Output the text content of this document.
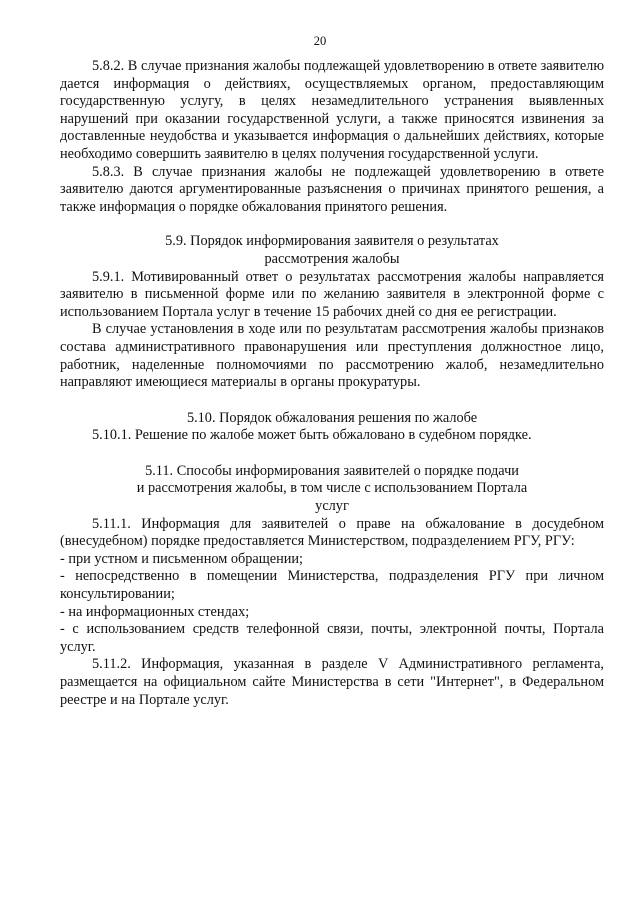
20

5.8.2. В случае признания жалобы подлежащей удовлетворению в ответе заявителю дается информация о действиях, осуществляемых органом, предоставляющим государственную услугу, в целях незамедлительного устранения выявленных нарушений при оказании государственной услуги, а также приносятся извинения за доставленные неудобства и указывается информация о дальнейших действиях, которые необходимо совершить заявителю в целях получения государственной услуги.

5.8.3. В случае признания жалобы не подлежащей удовлетворению в ответе заявителю даются аргументированные разъяснения о причинах принятого решения, а также информация о порядке обжалования принятого решения.

5.9. Порядок информирования заявителя о результатах

рассмотрения жалобы

5.9.1. Мотивированный ответ о результатах рассмотрения жалобы направляется заявителю в письменной форме или по желанию заявителя в электронной форме с использованием Портала услуг в течение 15 рабочих дней со дня ее регистрации.

В случае установления в ходе или по результатам рассмотрения жалобы признаков состава административного правонарушения или преступления должностное лицо, работник, наделенные полномочиями по рассмотрению жалоб, незамедлительно направляют имеющиеся материалы в органы прокуратуры.

5.10. Порядок обжалования решения по жалобе

5.10.1. Решение по жалобе может быть обжаловано в судебном порядке.

5.11. Способы информирования заявителей о порядке подачи

и рассмотрения жалобы, в том числе с использованием Портала

услуг

5.11.1. Информация для заявителей о праве на обжалование в досудебном (внесудебном) порядке предоставляется Министерством, подразделением РГУ, РГУ:

- при устном и письменном обращении;

- непосредственно в помещении Министерства, подразделения РГУ при личном консультировании;

- на информационных стендах;

- с использованием средств телефонной связи, почты, электронной почты, Портала услуг.

5.11.2. Информация, указанная в разделе V Административного регламента, размещается на официальном сайте Министерства в сети "Интернет", в Федеральном реестре и на Портале услуг.
